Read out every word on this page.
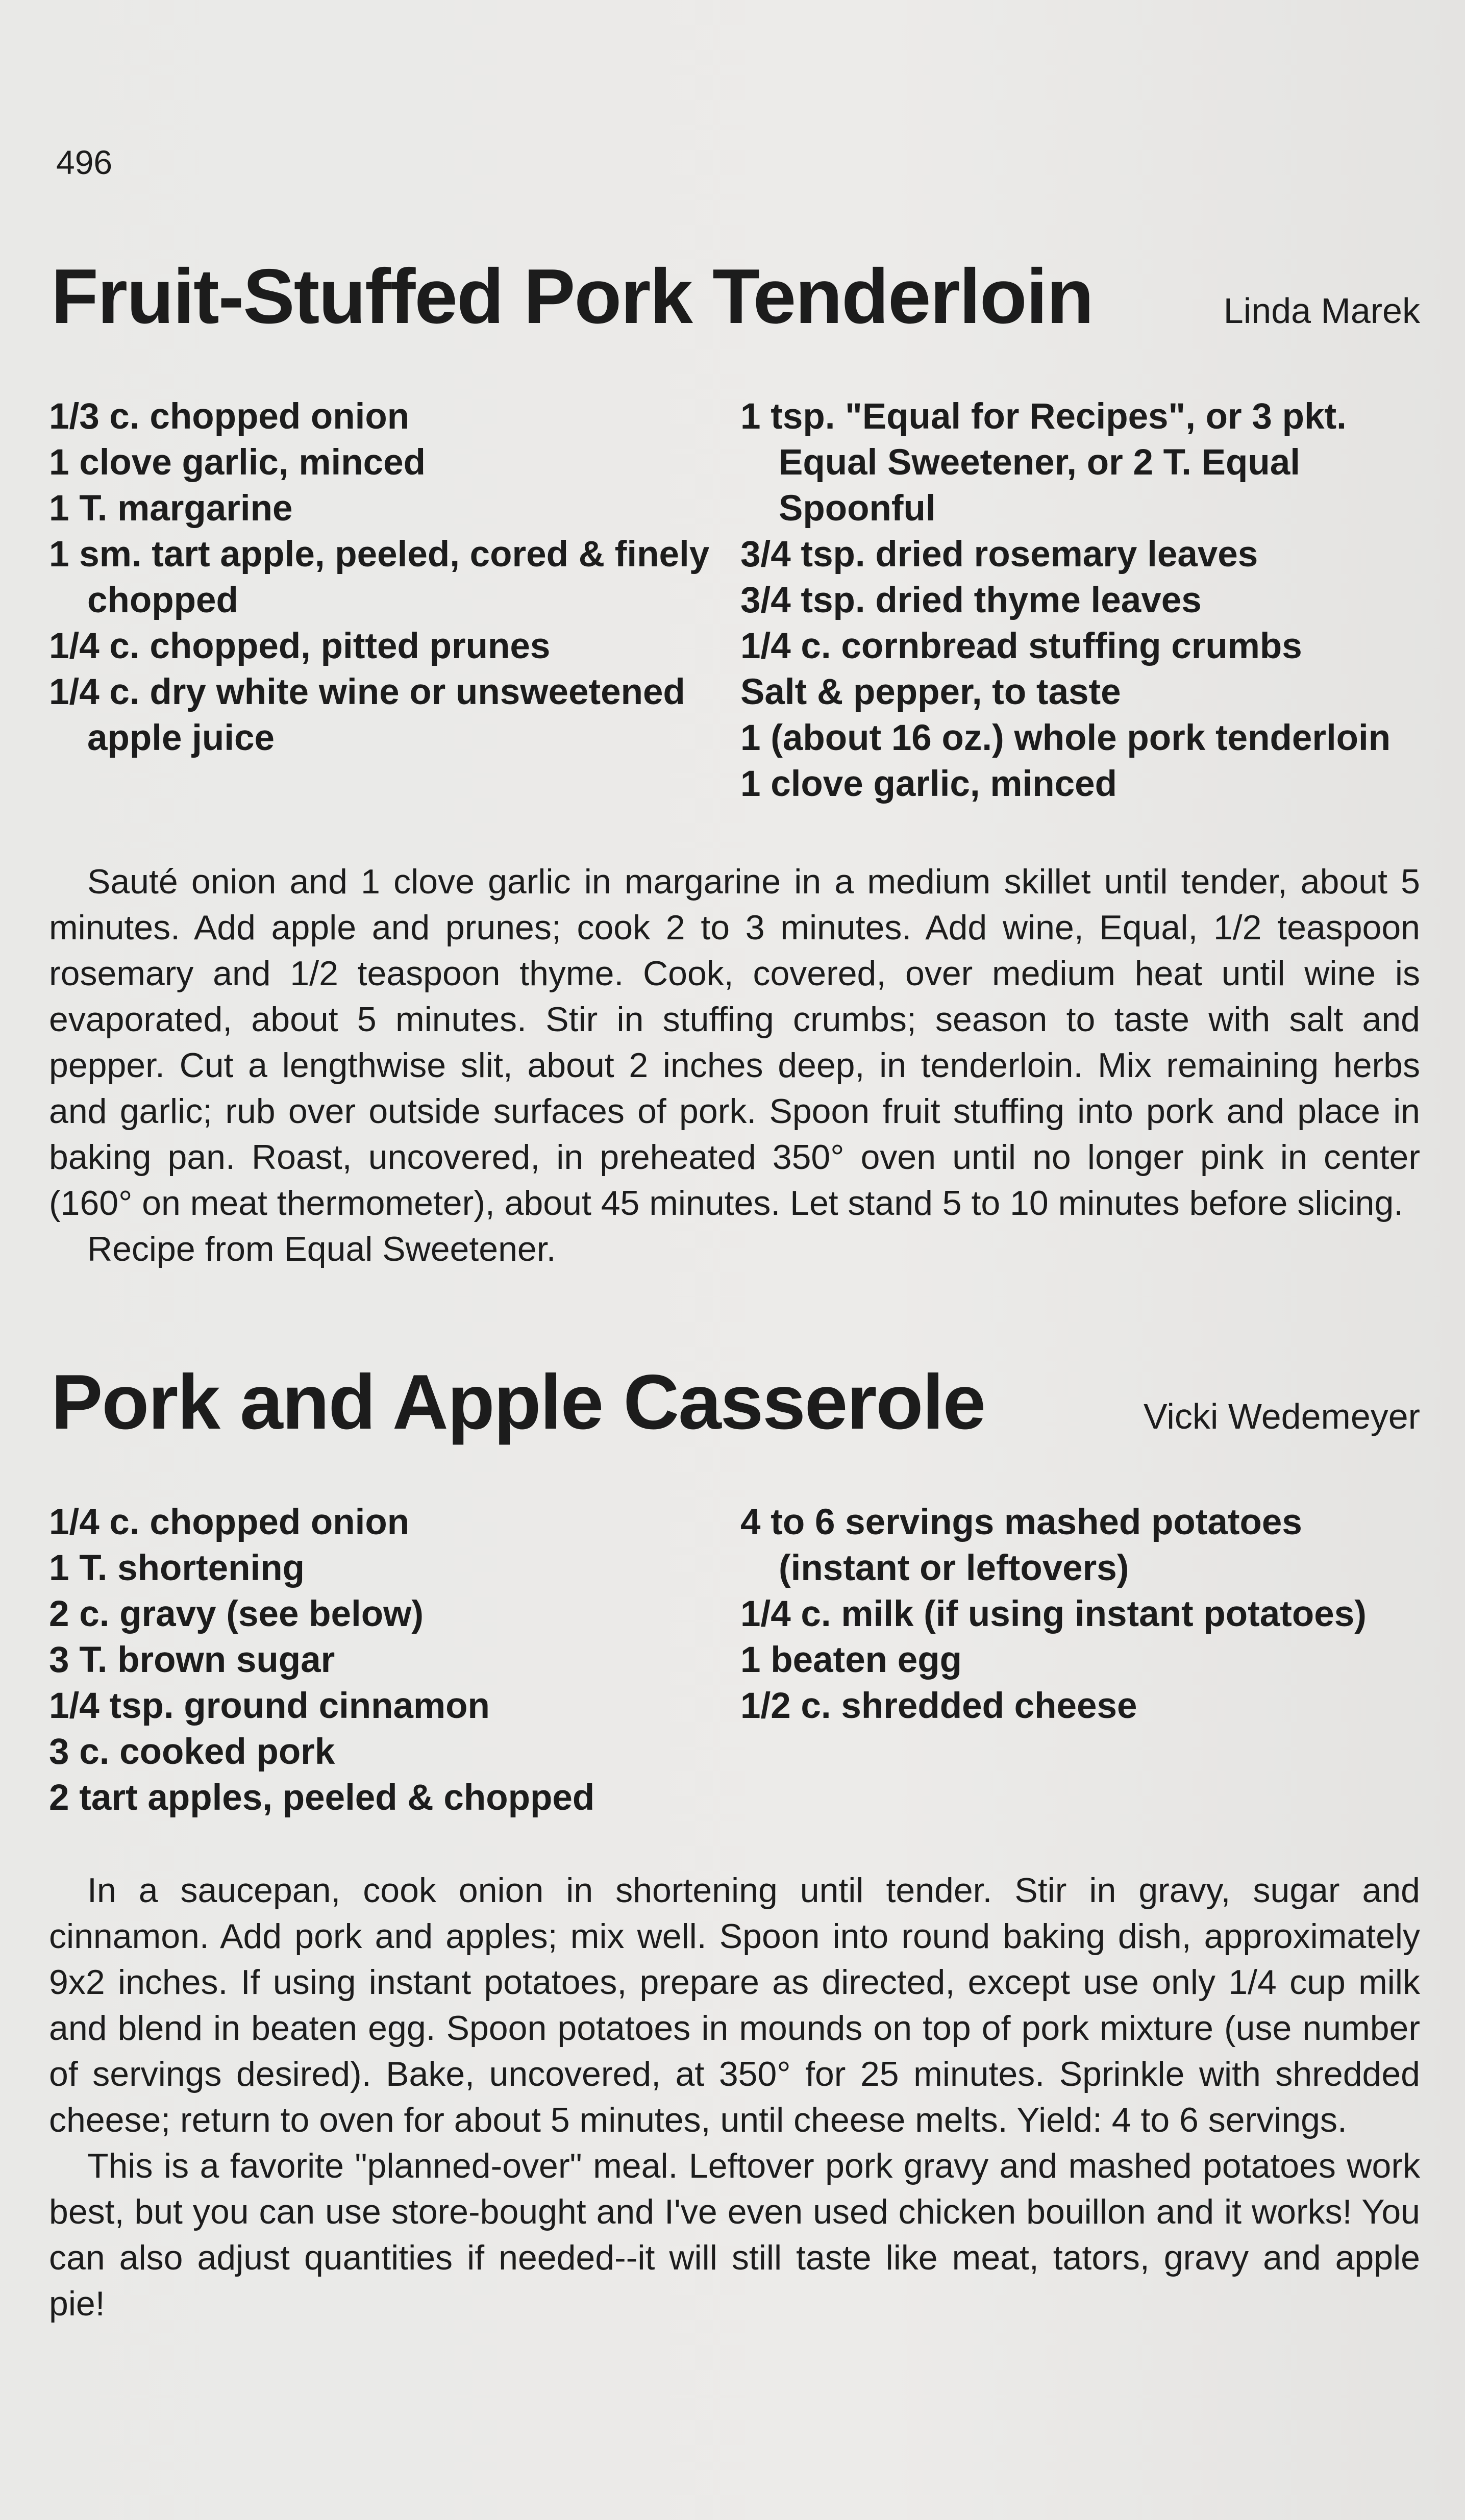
496
Fruit-Stuffed Pork Tenderloin	Linda Marek
1/3 c. chopped onion
1 clove garlic, minced
1 T. margarine
1 sm. tart apple, peeled, cored & finely chopped
1/4 c. chopped, pitted prunes
1/4 c. dry white wine or unsweetened apple juice
1 tsp. "Equal for Recipes", or 3 pkt. Equal Sweetener, or 2 T. Equal Spoonful
3/4 tsp. dried rosemary leaves
3/4 tsp. dried thyme leaves
1/4 c. cornbread stuffing crumbs
Salt & pepper, to taste
1 (about 16 oz.) whole pork tenderloin
1 clove garlic, minced

Sauté onion and 1 clove garlic in margarine in a medium skillet until tender, about 5 minutes. Add apple and prunes; cook 2 to 3 minutes. Add wine, Equal, 1/2 teaspoon rosemary and 1/2 teaspoon thyme. Cook, covered, over medium heat until wine is evaporated, about 5 minutes. Stir in stuffing crumbs; season to taste with salt and pepper. Cut a lengthwise slit, about 2 inches deep, in tenderloin. Mix remaining herbs and garlic; rub over outside surfaces of pork. Spoon fruit stuffing into pork and place in baking pan. Roast, uncovered, in preheated 350° oven until no longer pink in center (160° on meat thermometer), about 45 minutes. Let stand 5 to 10 minutes before slicing.

Recipe from Equal Sweetener.

Pork and Apple Casserole	Vicki Wedemeyer
1/4 c. chopped onion
1 T. shortening
2 c. gravy (see below)
3 T. brown sugar
1/4 tsp. ground cinnamon
3 c. cooked pork
2 tart apples, peeled & chopped
4 to 6 servings mashed potatoes (instant or leftovers)
1/4 c. milk (if using instant potatoes)
1 beaten egg
1/2 c. shredded cheese

In a saucepan, cook onion in shortening until tender. Stir in gravy, sugar and cinnamon. Add pork and apples; mix well. Spoon into round baking dish, approximately 9x2 inches. If using instant potatoes, prepare as directed, except use only 1/4 cup milk and blend in beaten egg. Spoon potatoes in mounds on top of pork mixture (use number of servings desired). Bake, uncovered, at 350° for 25 minutes. Sprinkle with shredded cheese; return to oven for about 5 minutes, until cheese melts. Yield: 4 to 6 servings.

This is a favorite "planned-over" meal. Leftover pork gravy and mashed potatoes work best, but you can use store-bought and I've even used chicken bouillon and it works! You can also adjust quantities if needed--it will still taste like meat, tators, gravy and apple pie!
